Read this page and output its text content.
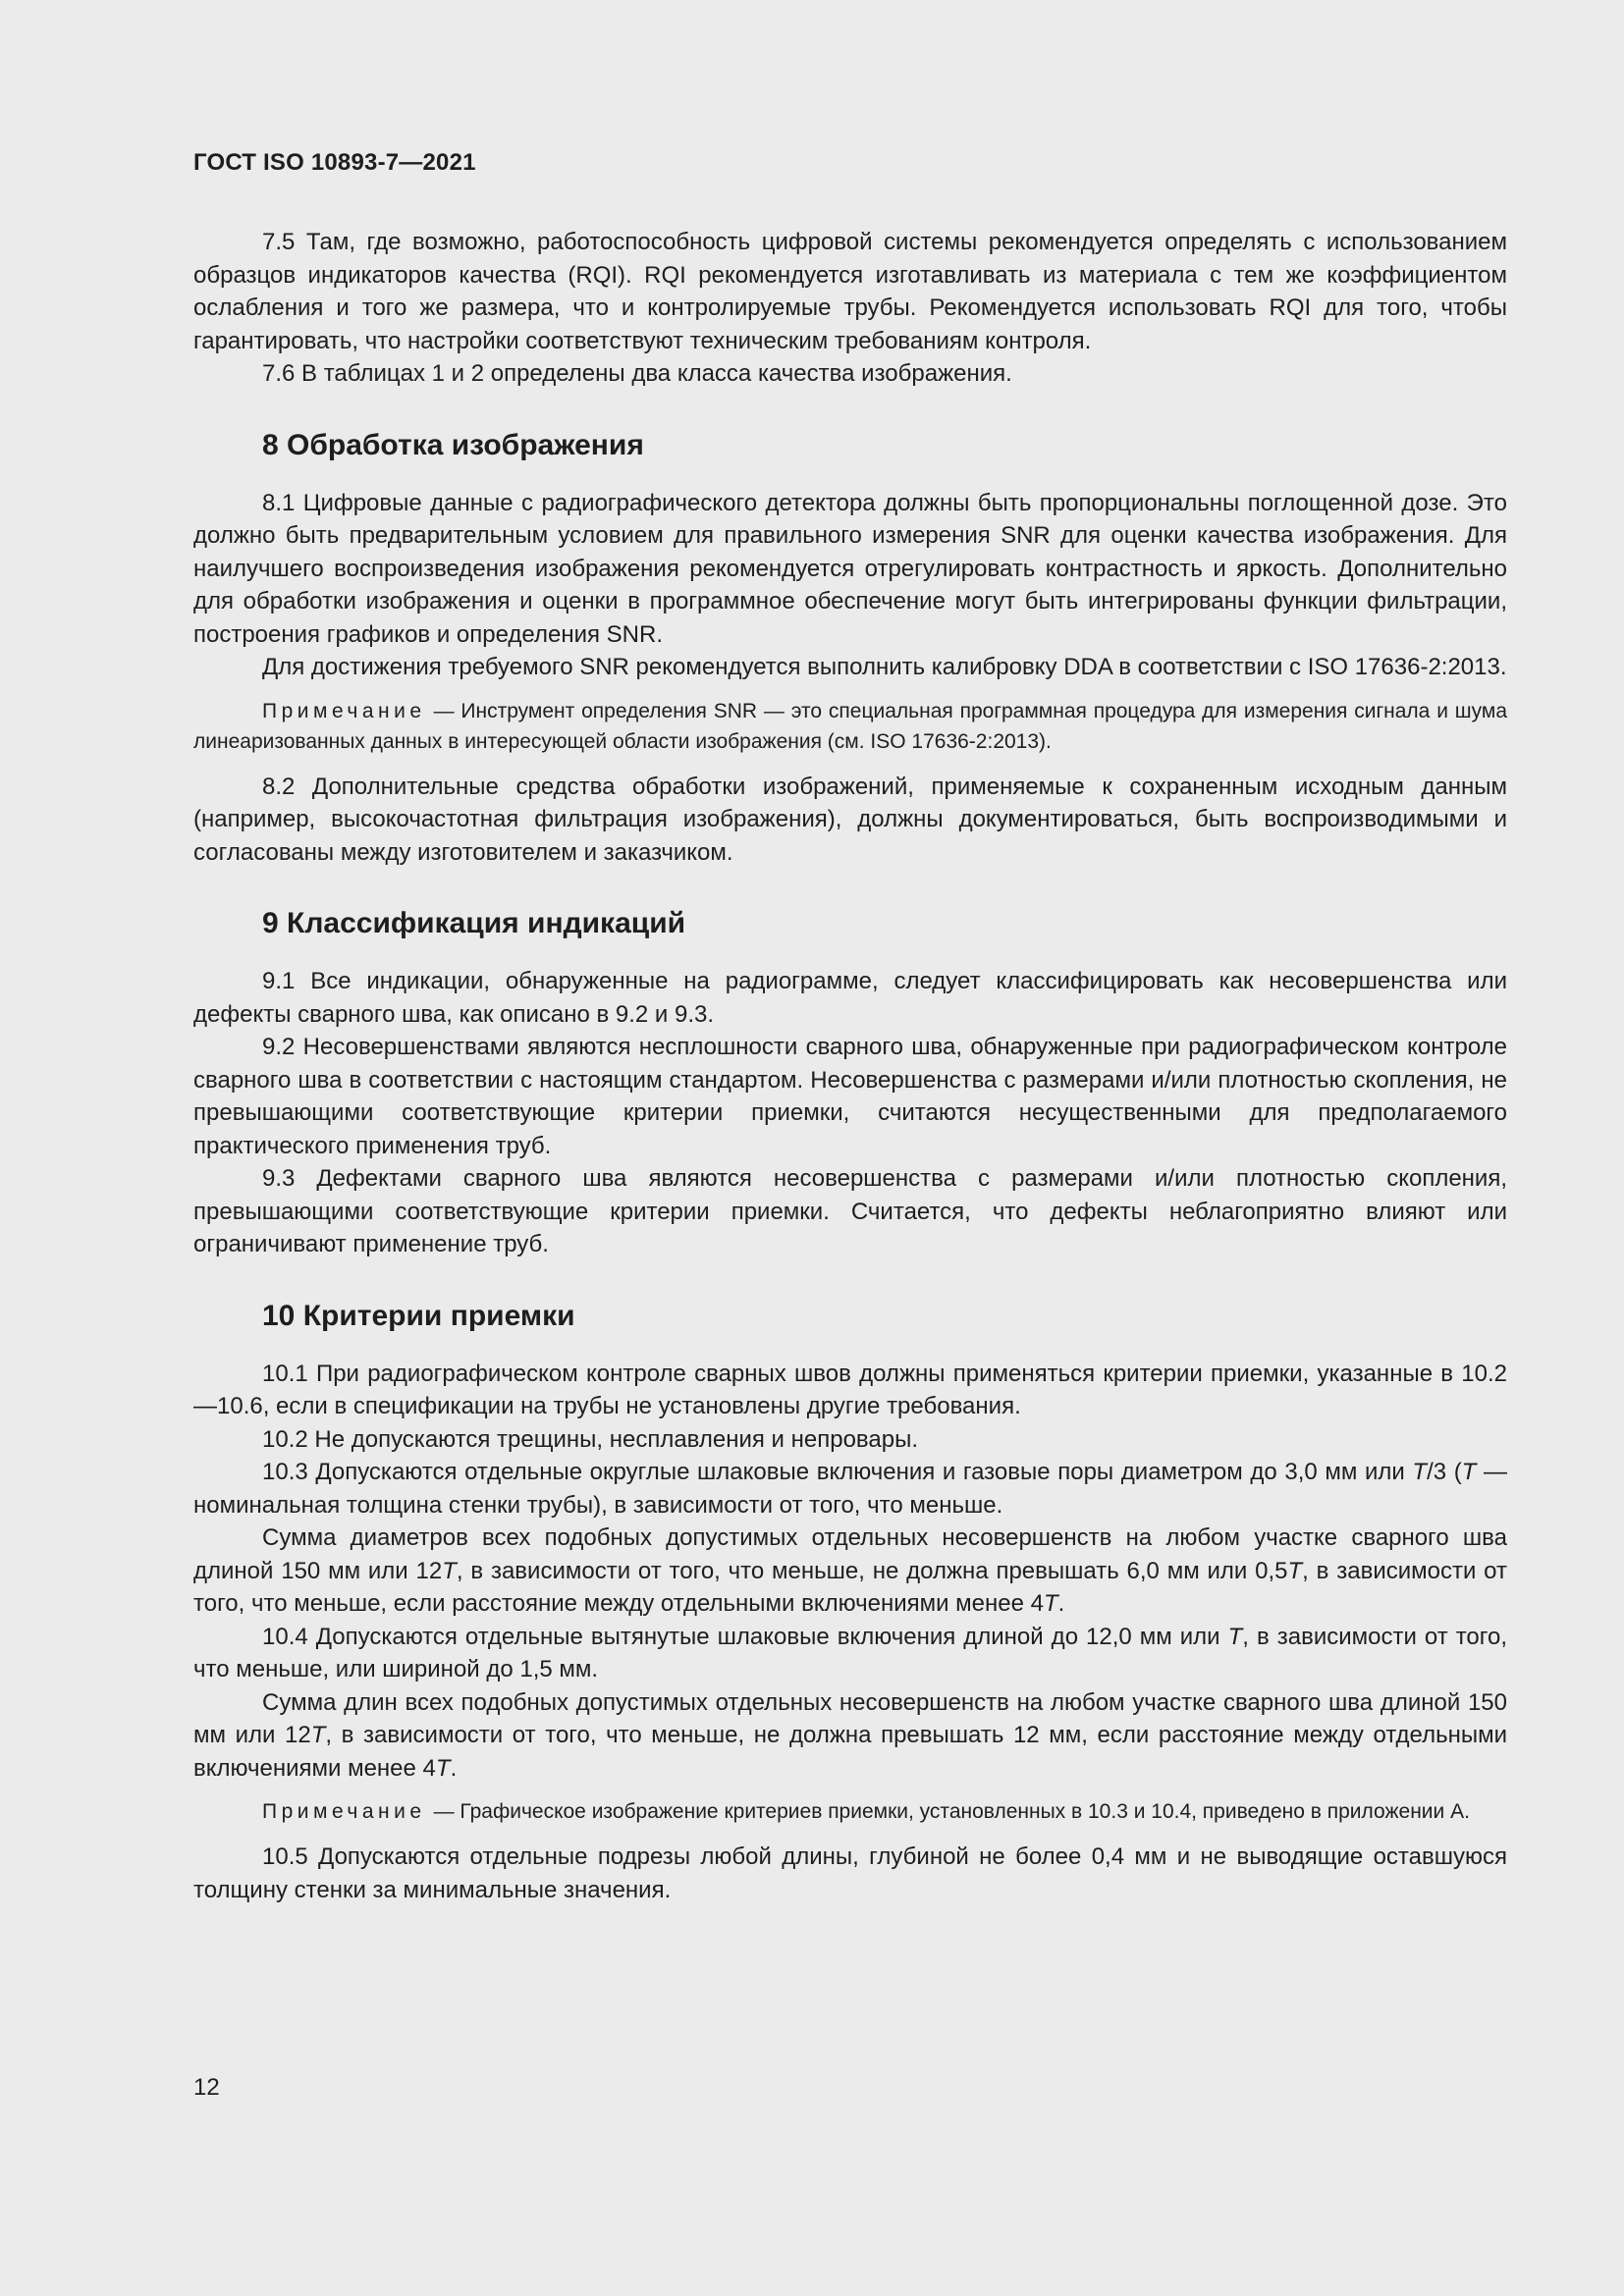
ГОСТ ISO 10893-7—2021

7.5 Там, где возможно, работоспособность цифровой системы рекомендуется определять с использованием образцов индикаторов качества (RQI). RQI рекомендуется изготавливать из материала с тем же коэффициентом ослабления и того же размера, что и контролируемые трубы. Рекомендуется использовать RQI для того, чтобы гарантировать, что настройки соответствуют техническим требованиям контроля.

7.6 В таблицах 1 и 2 определены два класса качества изображения.

8 Обработка изображения

8.1 Цифровые данные с радиографического детектора должны быть пропорциональны поглощенной дозе. Это должно быть предварительным условием для правильного измерения SNR для оценки качества изображения. Для наилучшего воспроизведения изображения рекомендуется отрегулировать контрастность и яркость. Дополнительно для обработки изображения и оценки в программное обеспечение могут быть интегрированы функции фильтрации, построения графиков и определения SNR.

Для достижения требуемого SNR рекомендуется выполнить калибровку DDA в соответствии с ISO 17636-2:2013.

Примечание — Инструмент определения SNR — это специальная программная процедура для измерения сигнала и шума линеаризованных данных в интересующей области изображения (см. ISO 17636-2:2013).

8.2 Дополнительные средства обработки изображений, применяемые к сохраненным исходным данным (например, высокочастотная фильтрация изображения), должны документироваться, быть воспроизводимыми и согласованы между изготовителем и заказчиком.

9 Классификация индикаций

9.1 Все индикации, обнаруженные на радиограмме, следует классифицировать как несовершенства или дефекты сварного шва, как описано в 9.2 и 9.3.

9.2 Несовершенствами являются несплошности сварного шва, обнаруженные при радиографическом контроле сварного шва в соответствии с настоящим стандартом. Несовершенства с размерами и/или плотностью скопления, не превышающими соответствующие критерии приемки, считаются несущественными для предполагаемого практического применения труб.

9.3 Дефектами сварного шва являются несовершенства с размерами и/или плотностью скопления, превышающими соответствующие критерии приемки. Считается, что дефекты неблагоприятно влияют или ограничивают применение труб.

10 Критерии приемки

10.1 При радиографическом контроле сварных швов должны применяться критерии приемки, указанные в 10.2—10.6, если в спецификации на трубы не установлены другие требования.

10.2 Не допускаются трещины, несплавления и непровары.

10.3 Допускаются отдельные округлые шлаковые включения и газовые поры диаметром до 3,0 мм или T/3 (T — номинальная толщина стенки трубы), в зависимости от того, что меньше.

Сумма диаметров всех подобных допустимых отдельных несовершенств на любом участке сварного шва длиной 150 мм или 12T, в зависимости от того, что меньше, не должна превышать 6,0 мм или 0,5T, в зависимости от того, что меньше, если расстояние между отдельными включениями менее 4T.

10.4 Допускаются отдельные вытянутые шлаковые включения длиной до 12,0 мм или T, в зависимости от того, что меньше, или шириной до 1,5 мм.

Сумма длин всех подобных допустимых отдельных несовершенств на любом участке сварного шва длиной 150 мм или 12T, в зависимости от того, что меньше, не должна превышать 12 мм, если расстояние между отдельными включениями менее 4T.

Примечание — Графическое изображение критериев приемки, установленных в 10.3 и 10.4, приведено в приложении А.

10.5 Допускаются отдельные подрезы любой длины, глубиной не более 0,4 мм и не выводящие оставшуюся толщину стенки за минимальные значения.

12
